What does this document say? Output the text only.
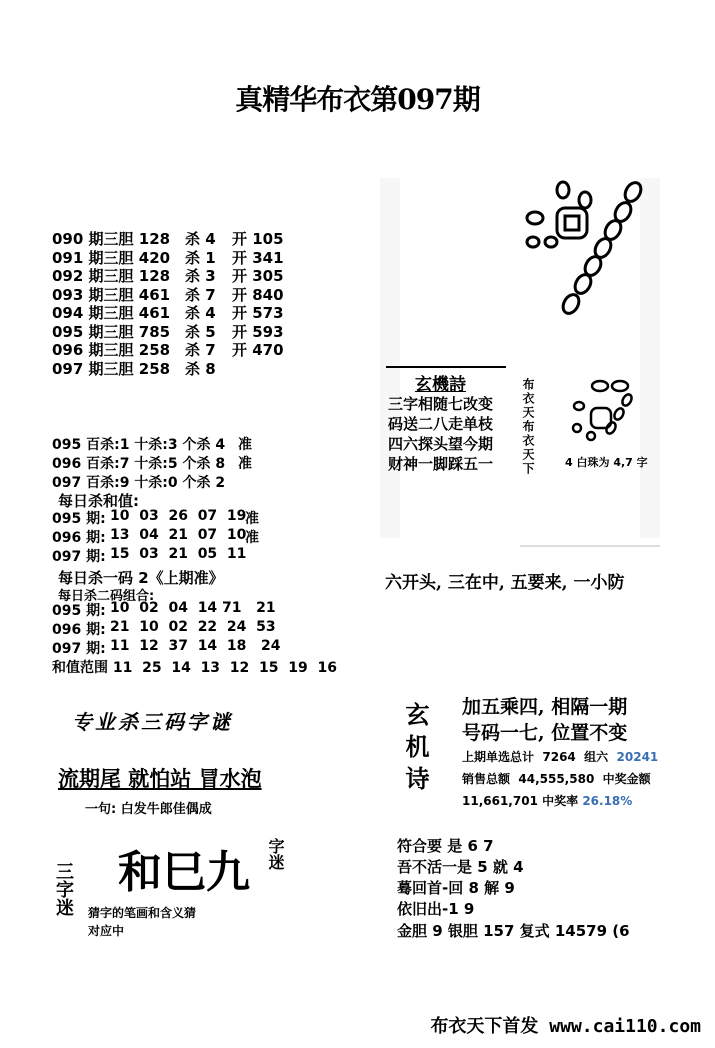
真精华布衣第097期
090 期三胆 128 杀 4 开 105
091 期三胆 420 杀 1 开 341
092 期三胆 128 杀 3 开 305
093 期三胆 461 杀 7 开 840
094 期三胆 461 杀 4 开 573
095 期三胆 785 杀 5 开 593
096 期三胆 258 杀 7 开 470
097 期三胆 258 杀 8
095 百杀:1 十杀:3 个杀 4 准
096 百杀:7 十杀:5 个杀 8 准
097 百杀:9 十杀:0 个杀 2
每日杀和值:
095 期: 10  03  26  07  19
准
096 期: 13  04  21  07  10
准
097 期: 15  03  21  05  11
每日杀一码 2《上期准》
每日杀二码组合:
095 期: 10  02  04  14 71   21
096 期: 21  10  02  22  24  53
097 期: 11  12  37  14  18   24
和值范围 11  25  14  13  12  15  19  16
专业杀三码字谜
流期尾 就怕站 冒水泡
一句: 白发牛郎佳偶成
三字迷
字迷
和巳九
猜字的笔画和含义猜
对应中
玄機詩
三字相随七改变
码送二八走单枝
四六探头望今期
财神一脚踩五一 布衣天布衣天下	4 白珠为 4,7 字
六开头, 三在中, 五要来, 一小防
玄机诗 加五乘四, 相隔一期
号码一七, 位置不变
上期单选总计 7264 组六 20241
销售总额 44,555,580 中奖金额
11,661,701 中奖率 26.18%
符合要 是 6 7
吾不活一是 5 就 4
蓦回首-回 8 解 9
依旧出-1 9
金胆 9 银胆 157 复式 14579 (6
布衣天下首发 www.cai110.com
